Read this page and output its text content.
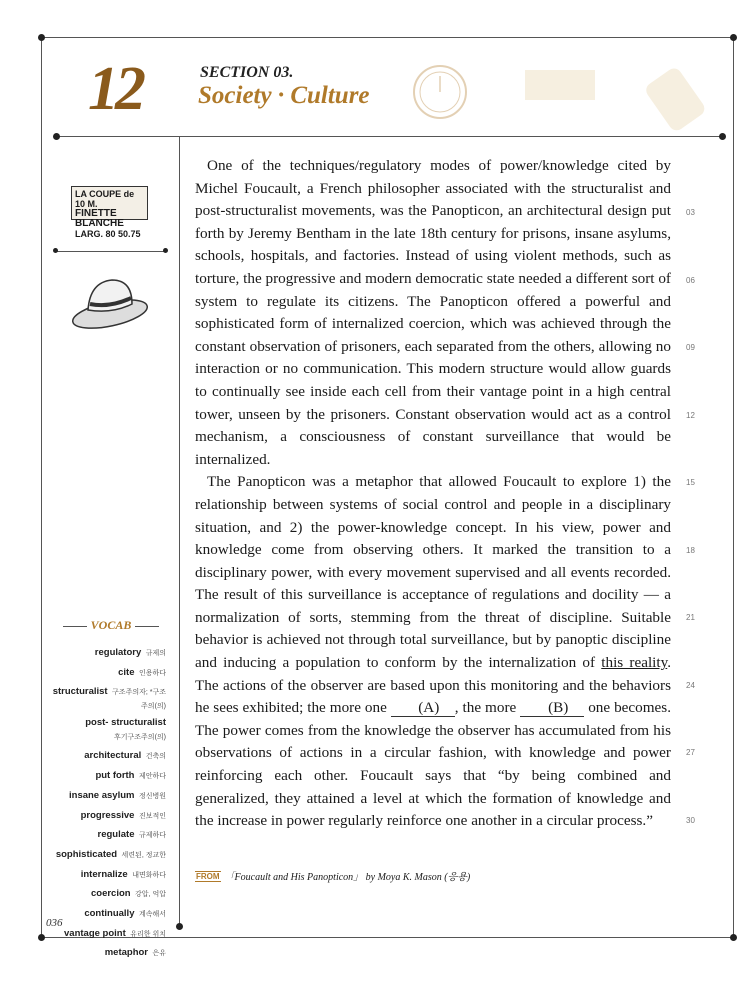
12	SECTION 03.
Society · Culture
LA COUPE de 10 M.
FINETTE BLANCHE
LARG. 80 50.75

One of the techniques/regulatory modes of power/knowledge cited by Michel Foucault, a French philosopher associated with the structuralist and post-structuralist movements, was the Panopticon, an architectural design put forth by Jeremy Bentham in the late 18th century for prisons, insane asylums, schools, hospitals, and factories. Instead of using violent methods, such as torture, the progressive and modern democratic state needed a different sort of system to regulate its citizens. The Panopticon offered a powerful and sophisticated form of internalized coercion, which was achieved through the constant observation of prisoners, each separated from the others, allowing no interaction or no communication. This modern structure would allow guards to continually see inside each cell from their vantage point in a high central tower, unseen by the prisoners. Constant observation would act as a control mechanism, a consciousness of constant surveillance that would be internalized.

The Panopticon was a metaphor that allowed Foucault to explore 1) the relationship between systems of social control and people in a disciplinary situation, and 2) the power-knowledge concept. In his view, power and knowledge come from observing others. It marked the transition to a disciplinary power, with every movement supervised and all events recorded. The result of this surveillance is acceptance of regulations and docility — a normalization of sorts, stemming from the threat of discipline. Suitable behavior is achieved not through total surveillance, but by panoptic discipline and inducing a population to conform by the internalization of this reality. The actions of the observer are based upon this monitoring and the behaviors he sees exhibited; the more one (A) , the more (B) one becomes. The power comes from the knowledge the observer has accumulated from his observations of actions in a circular fashion, with knowledge and power reinforcing each other. Foucault says that “by being combined and generalized, they attained a level at which the formation of knowledge and the increase in power regularly reinforce one another in a circular process.”

03
06
09
12
15
18
21
24
27
30
FROM 「Foucault and His Panopticon」 by Moya K. Mason (응용)
VOCAB
regulatory 규제의
cite 인용하다
structuralist 구조주의자; *구조주의(의)
post- structuralist
후기구조주의(의)
architectural 건축의
put forth 제안하다
insane asylum 정신병원
progressive 진보적인
regulate 규제하다
sophisticated 세련된, 정교한
internalize 내면화하다
coercion 강압, 억압
continually 계속해서
vantage point 유리한 위치
metaphor 은유
036
